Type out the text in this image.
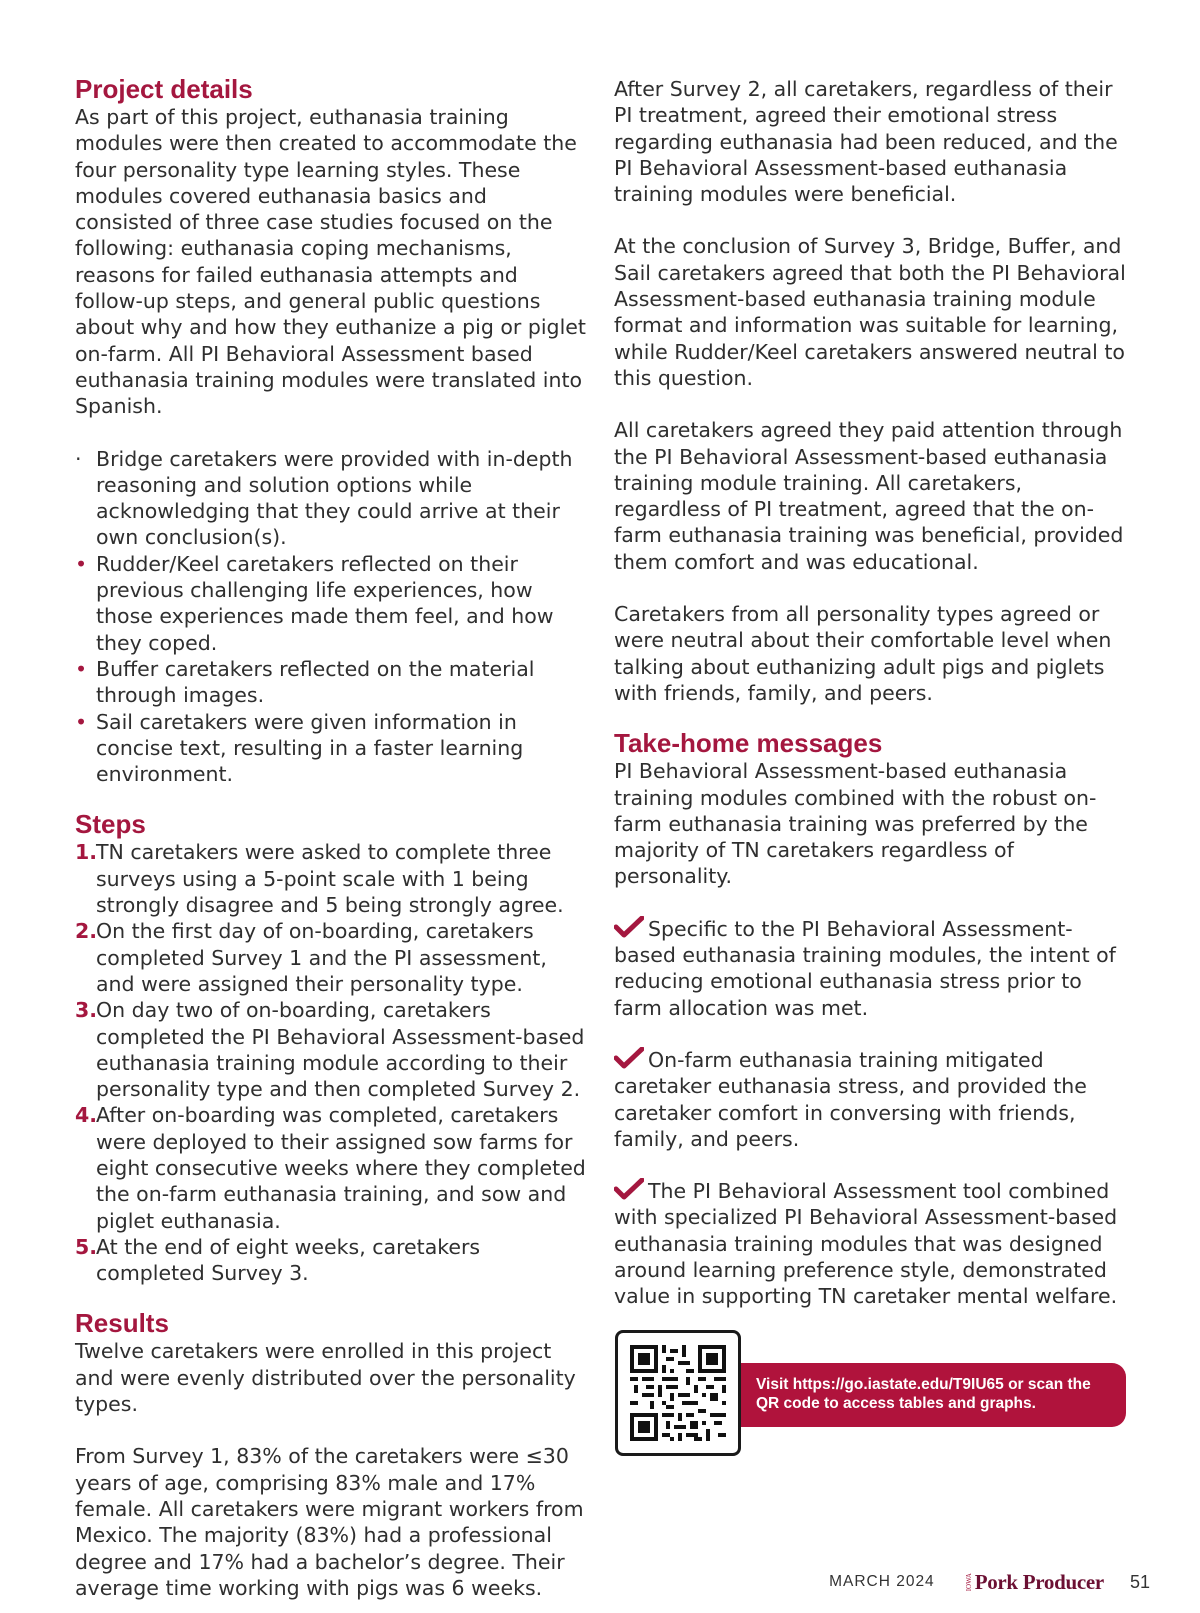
Project details

As part of this project, euthanasia training modules were then created to accommodate the four personality type learning styles. These modules covered euthanasia basics and consisted of three case studies focused on the following: euthanasia coping mechanisms, reasons for failed euthanasia attempts and follow-up steps, and general public questions about why and how they euthanize a pig or piglet on-farm. All PI Behavioral Assessment based euthanasia training modules were translated into Spanish.

· Bridge caretakers were provided with in-depth reasoning and solution options while acknowledging that they could arrive at their own conclusion(s).
• Rudder/Keel caretakers reflected on their previous challenging life experiences, how those experiences made them feel, and how they coped.
• Buffer caretakers reflected on the material through images.
• Sail caretakers were given information in concise text, resulting in a faster learning environment.
Steps
1.
TN caretakers were asked to complete three surveys using a 5-point scale with 1 being strongly disagree and 5 being strongly agree.
2.
On the first day of on-boarding, caretakers completed Survey 1 and the PI assessment, and were assigned their personality type.
3.
On day two of on-boarding, caretakers completed the PI Behavioral Assessment-based euthanasia training module according to their personality type and then completed Survey 2.
4.
After on-boarding was completed, caretakers were deployed to their assigned sow farms for eight consecutive weeks where they completed the on-farm euthanasia training, and sow and piglet euthanasia.
5.
At the end of eight weeks, caretakers completed Survey 3.
Results

Twelve caretakers were enrolled in this project and were evenly distributed over the personality types.

From Survey 1, 83% of the caretakers were ≤30 years of age, comprising 83% male and 17% female. All caretakers were migrant workers from Mexico. The majority (83%) had a professional degree and 17% had a bachelor’s degree. Their average time working with pigs was 6 weeks.

After Survey 2, all caretakers, regardless of their PI treatment, agreed their emotional stress regarding euthanasia had been reduced, and the PI Behavioral Assessment-based euthanasia training modules were beneficial.

At the conclusion of Survey 3, Bridge, Buffer, and Sail caretakers agreed that both the PI Behavioral Assessment-based euthanasia training module format and information was suitable for learning, while Rudder/Keel caretakers answered neutral to this question.

All caretakers agreed they paid attention through the PI Behavioral Assessment-based euthanasia training module training. All caretakers, regardless of PI treatment, agreed that the on-farm euthanasia training was beneficial, provided them comfort and was educational.

Caretakers from all personality types agreed or were neutral about their comfortable level when talking about euthanizing adult pigs and piglets with friends, family, and peers.

Take-home messages

PI Behavioral Assessment-based euthanasia training modules combined with the robust on-farm euthanasia training was preferred by the majority of TN caretakers regardless of personality.

Specific to the PI Behavioral Assessment-based euthanasia training modules, the intent of reducing emotional euthanasia stress prior to farm allocation was met.

On-farm euthanasia training mitigated caretaker euthanasia stress, and provided the caretaker comfort in conversing with friends, family, and peers.

The PI Behavioral Assessment tool combined with specialized PI Behavioral Assessment-based euthanasia training modules that was designed around learning preference style, demonstrated value in supporting TN caretaker mental welfare.

Visit https://go.iastate.edu/T9IU65 or scan the QR code to access tables and graphs.
MARCH 2024	IOWA Pork Producer 51
